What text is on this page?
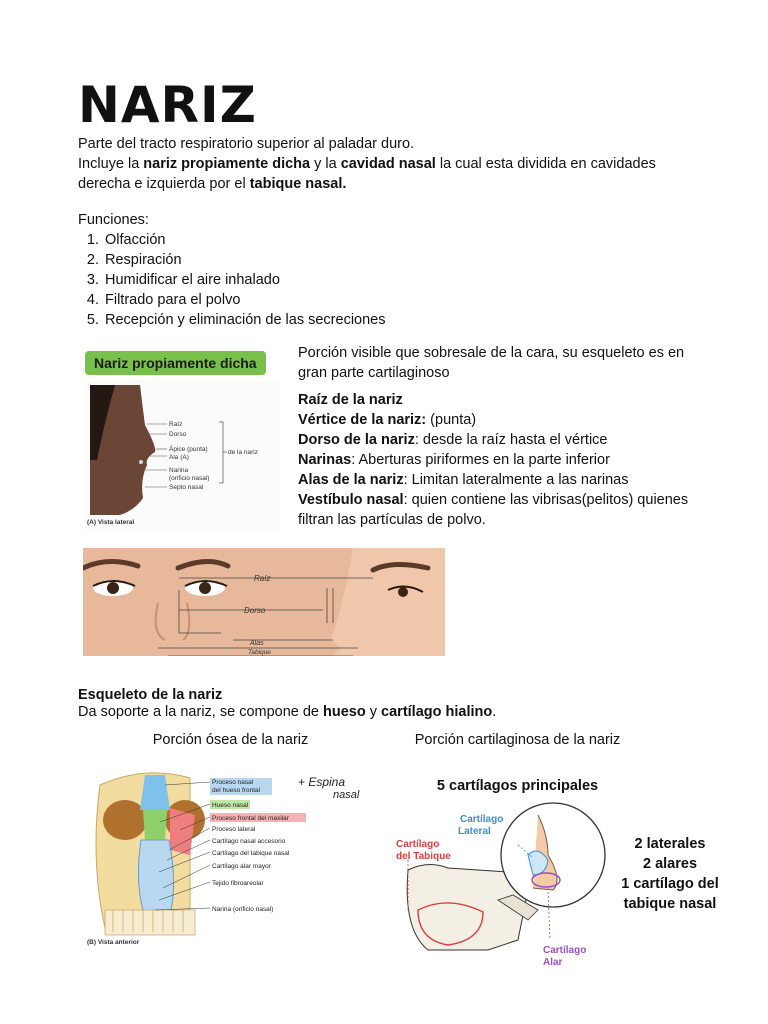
NARIZ

Parte del tracto respiratorio superior al paladar duro.

Incluye la nariz propiamente dicha y la cavidad nasal la cual esta dividida en cavidades derecha e izquierda por el tabique nasal.

Funciones:
1. Olfacción
2. Respiración
3. Humidificar el aire inhalado
4. Filtrado para el polvo
5. Recepción y eliminación de las secreciones
Nariz propiamente dicha
Raíz
Dorso
Ápice (punta)
Ala (A)
Narina
(orificio nasal)
Septo nasal
de la nariz
(A) Vista lateral

Porción visible que sobresale de la cara, su esqueleto es en gran parte cartilaginoso

Raíz de la nariz
Vértice de la nariz: (punta)
Dorso de la nariz: desde la raíz hasta el vértice
Narinas: Aberturas piriformes en la parte inferior
Alas de la nariz: Limitan lateralmente a las narinas
Vestíbulo nasal: quien contiene las vibrisas(pelitos) quienes filtran las partículas de polvo.
Raíz
Dorso
Alas
Tabique
Esqueleto de la nariz
Da soporte a la nariz, se compone de hueso y cartílago hialino.
Porción ósea de la nariz	Porción cartilaginosa de la nariz
5 cartílagos principales
Proceso nasal
del hueso frontal
Hueso nasal
Proceso frontal del maxilar
Proceso lateral
Cartílago nasal accesorio
Cartílago del tabique nasal
Cartílago alar mayor
Tejido fibroareolar
Narina (orificio nasal)
+ Espina
nasal
(B) Vista anterior
Cartílago
Lateral
Cartílago
del Tabique
Cartílago
Alar
2 laterales
2 alares
1 cartílago del
tabique nasal
